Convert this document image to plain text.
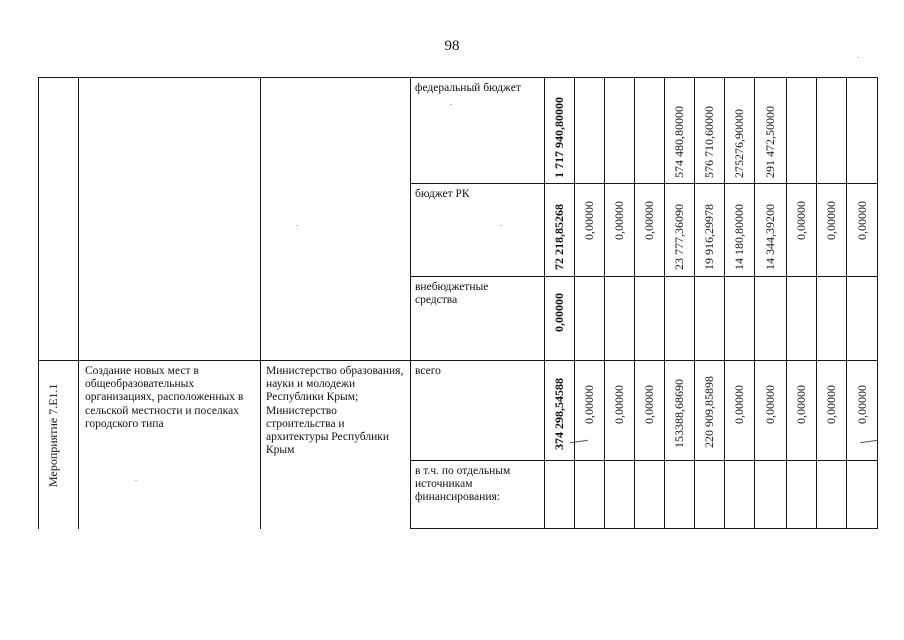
98
Мероприятие 7.Е1.1
Создание новых мест в общеобразовательных организациях, расположенных в сельской местности и поселках городского типа
Министерство образования, науки и молодежи Республики Крым; Министерство строительства и архитектуры Республики Крым
федеральный бюджет
бюджет РК
внебюджетные средства
всего
в т.ч. по отдельным источникам финансирования:
1 717 940,80000	574 480,80000 576 710,60000 275276,90000 291 472,50000
72 218,85268 0,00000 0,00000 0,00000 23 777,36090 19 916,29978 14 180,80000 14 344,39200 0,00000 0,00000 0,00000
0,00000
374 298,54588 0,00000 0,00000 0,00000 153388,68690 220 909,85898 0,00000 0,00000 0,00000 0,00000 0,00000
